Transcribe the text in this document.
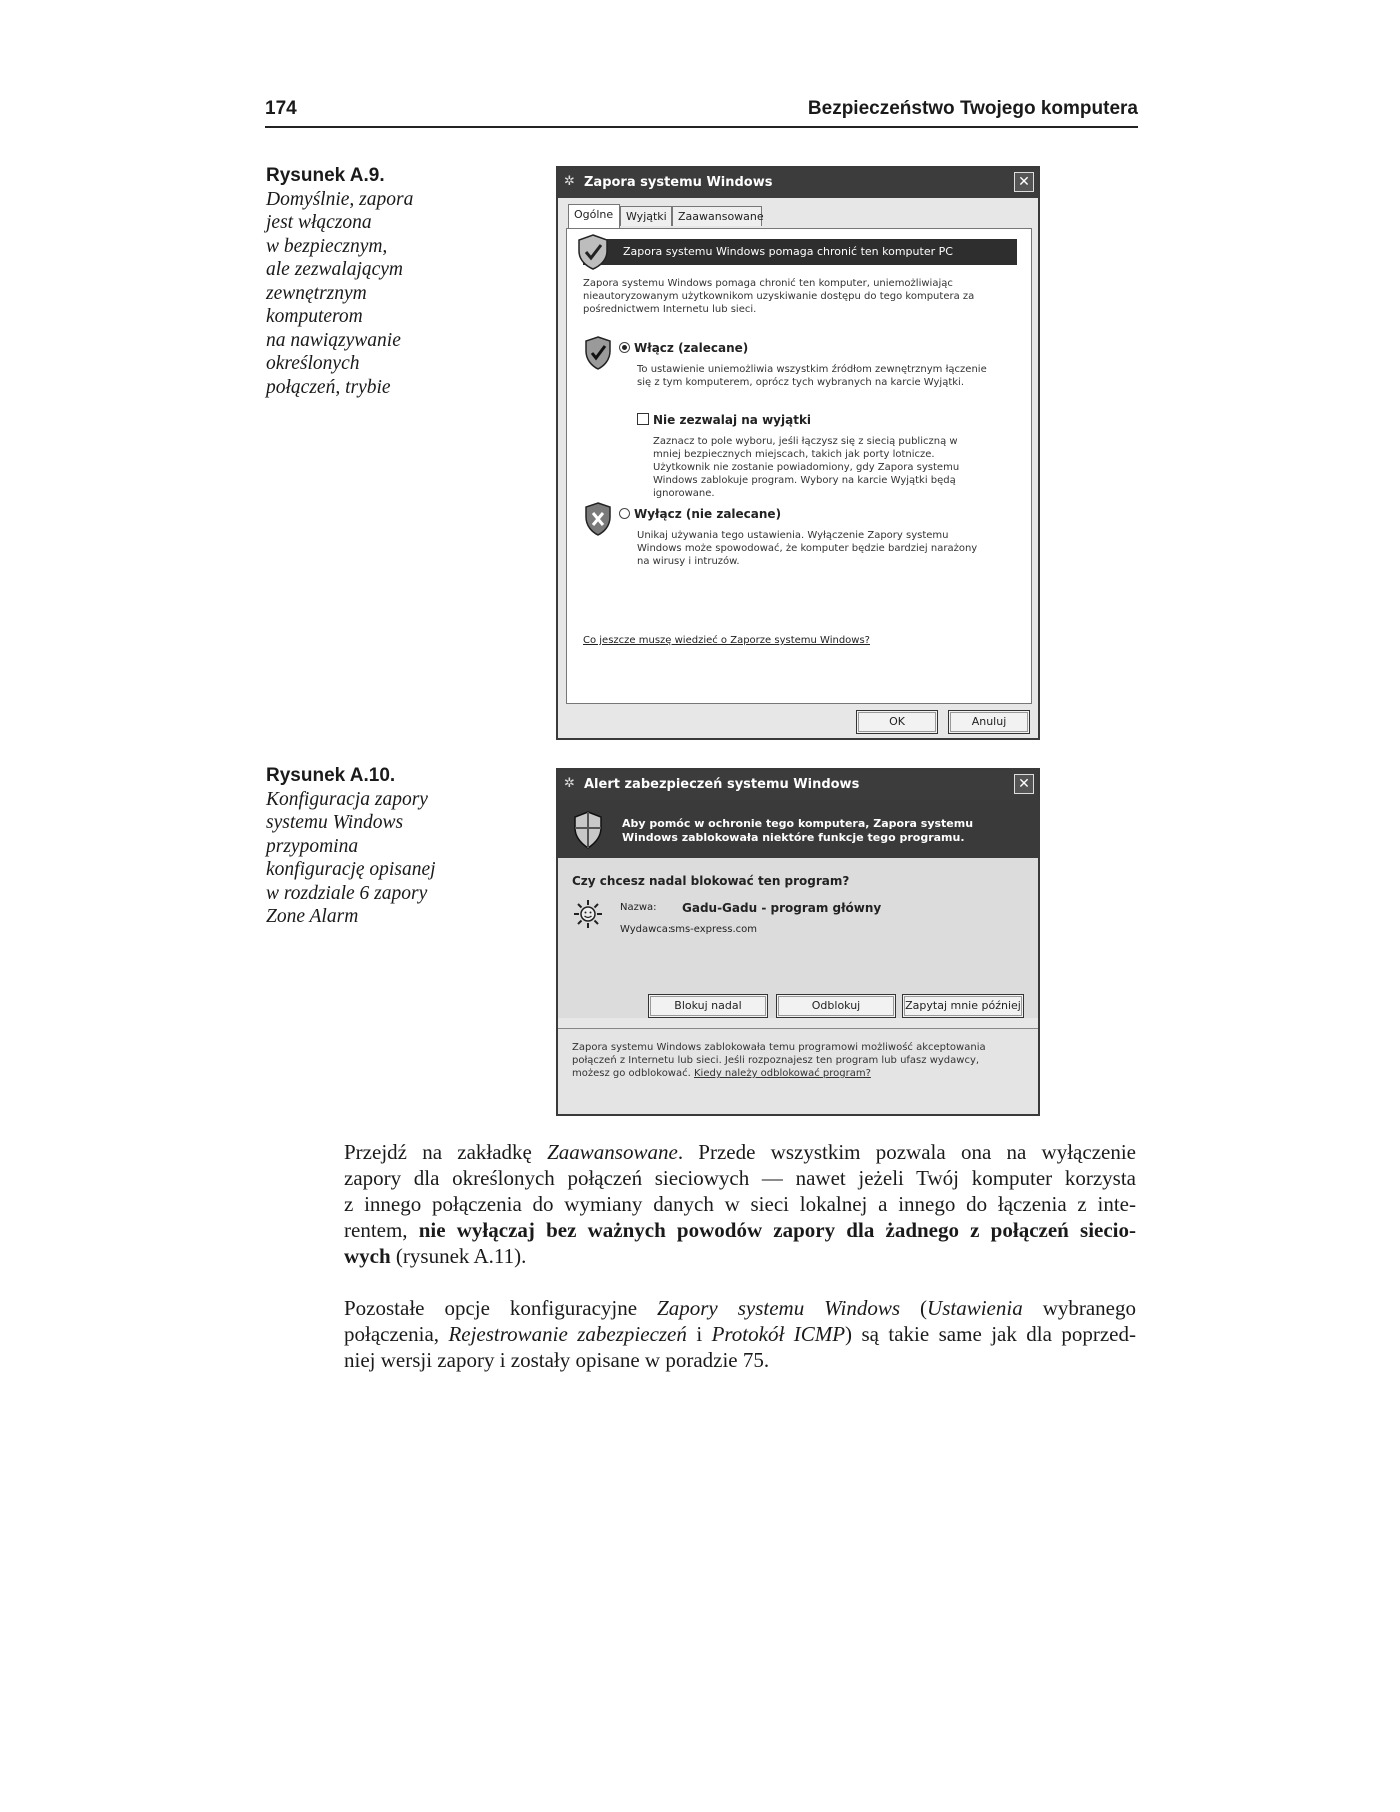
174	Bezpieczeństwo Twojego komputera
Rysunek A.9.
Domyślnie, zapora
jest włączona
w bezpiecznym,
ale zezwalającym
zewnętrznym
komputerom
na nawiązywanie
określonych
połączeń, trybie
✲ Zapora systemu Windows	✕
Ogólne	Wyjątki	Zaawansowane
Zapora systemu Windows pomaga chronić ten komputer PC
Zapora systemu Windows pomaga chronić ten komputer, uniemożliwiając
nieautoryzowanym użytkownikom uzyskiwanie dostępu do tego komputera za
pośrednictwem Internetu lub sieci.
Włącz (zalecane)
To ustawienie uniemożliwia wszystkim źródłom zewnętrznym łączenie
się z tym komputerem, oprócz tych wybranych na karcie Wyjątki.
Nie zezwalaj na wyjątki
Zaznacz to pole wyboru, jeśli łączysz się z siecią publiczną w
mniej bezpiecznych miejscach, takich jak porty lotnicze.
Użytkownik nie zostanie powiadomiony, gdy Zapora systemu
Windows zablokuje program. Wybory na karcie Wyjątki będą
ignorowane.
Wyłącz (nie zalecane)
Unikaj używania tego ustawienia. Wyłączenie Zapory systemu
Windows może spowodować, że komputer będzie bardziej narażony
na wirusy i intruzów.
Co jeszcze muszę wiedzieć o Zaporze systemu Windows?
OK	Anuluj
Rysunek A.10.
Konfiguracja zapory
systemu Windows
przypomina
konfigurację opisanej
w rozdziale 6 zapory
Zone Alarm
✲ Alert zabezpieczeń systemu Windows	✕
Aby pomóc w ochronie tego komputera, Zapora systemu
Windows zablokowała niektóre funkcje tego programu.
Czy chcesz nadal blokować ten program?
Nazwa: Gadu-Gadu - program główny
Wydawca:
sms-express.com
Blokuj nadal	Odblokuj	Zapytaj mnie później
Zapora systemu Windows zablokowała temu programowi możliwość akceptowania
połączeń z Internetu lub sieci. Jeśli rozpoznajesz ten program lub ufasz wydawcy,
możesz go odblokować. Kiedy należy odblokować program?
Przejdź na zakładkę Zaawansowane. Przede wszystkim pozwala ona na wyłączenie
zapory dla określonych połączeń sieciowych — nawet jeżeli Twój komputer korzysta
z innego połączenia do wymiany danych w sieci lokalnej a innego do łączenia z inte-
rentem, nie wyłączaj bez ważnych powodów zapory dla żadnego z połączeń siecio-
wych (rysunek A.11).
Pozostałe opcje konfiguracyjne Zapory systemu Windows (Ustawienia wybranego
połączenia, Rejestrowanie zabezpieczeń i Protokół ICMP) są takie same jak dla poprzed-
niej wersji zapory i zostały opisane w poradzie 75.
